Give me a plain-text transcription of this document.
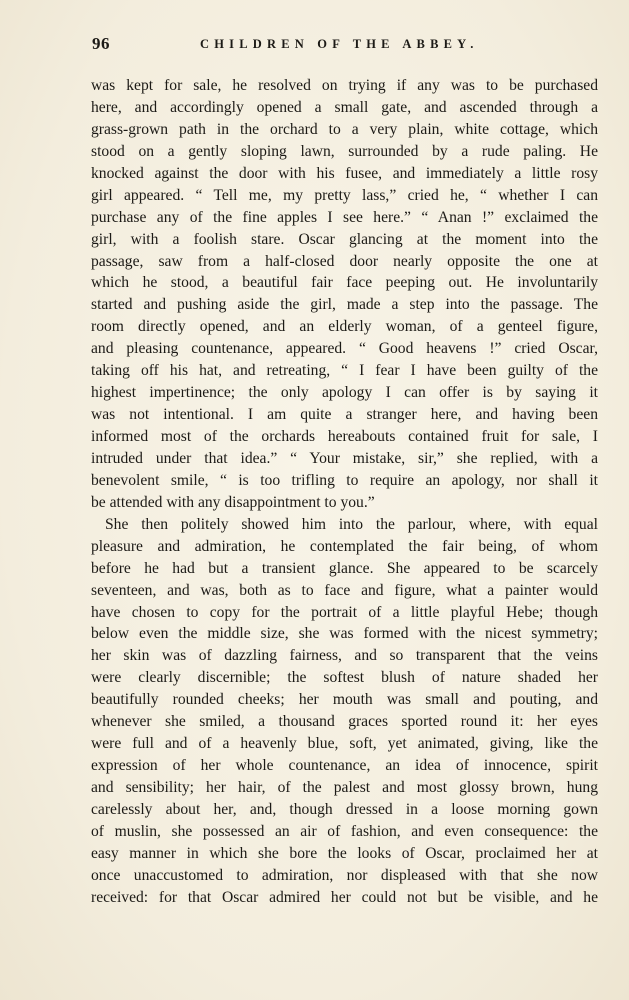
96	CHILDREN OF THE ABBEY.
was kept for sale, he resolved on trying if any was to be purchased
here, and accordingly opened a small gate, and ascended through a
grass-grown path in the orchard to a very plain, white cottage, which
stood on a gently sloping lawn, surrounded by a rude paling. He
knocked against the door with his fusee, and immediately a little rosy
girl appeared. “ Tell me, my pretty lass,” cried he, “ whether I can
purchase any of the fine apples I see here.” “ Anan !” exclaimed the
girl, with a foolish stare. Oscar glancing at the moment into the
passage, saw from a half-closed door nearly opposite the one at
which he stood, a beautiful fair face peeping out. He involuntarily
started and pushing aside the girl, made a step into the passage. The
room directly opened, and an elderly woman, of a genteel figure,
and pleasing countenance, appeared. “ Good heavens !” cried Oscar,
taking off his hat, and retreating, “ I fear I have been guilty of the
highest impertinence; the only apology I can offer is by saying it
was not intentional. I am quite a stranger here, and having been
informed most of the orchards hereabouts contained fruit for sale, I
intruded under that idea.” “ Your mistake, sir,” she replied, with a
benevolent smile, “ is too trifling to require an apology, nor shall it
be attended with any disappointment to you.”
She then politely showed him into the parlour, where, with equal
pleasure and admiration, he contemplated the fair being, of whom
before he had but a transient glance. She appeared to be scarcely
seventeen, and was, both as to face and figure, what a painter would
have chosen to copy for the portrait of a little playful Hebe; though
below even the middle size, she was formed with the nicest symmetry;
her skin was of dazzling fairness, and so transparent that the veins
were clearly discernible; the softest blush of nature shaded her
beautifully rounded cheeks; her mouth was small and pouting, and
whenever she smiled, a thousand graces sported round it: her eyes
were full and of a heavenly blue, soft, yet animated, giving, like the
expression of her whole countenance, an idea of innocence, spirit
and sensibility; her hair, of the palest and most glossy brown, hung
carelessly about her, and, though dressed in a loose morning gown
of muslin, she possessed an air of fashion, and even consequence: the
easy manner in which she bore the looks of Oscar, proclaimed her at
once unaccustomed to admiration, nor displeased with that she now
received: for that Oscar admired her could not but be visible, and he
